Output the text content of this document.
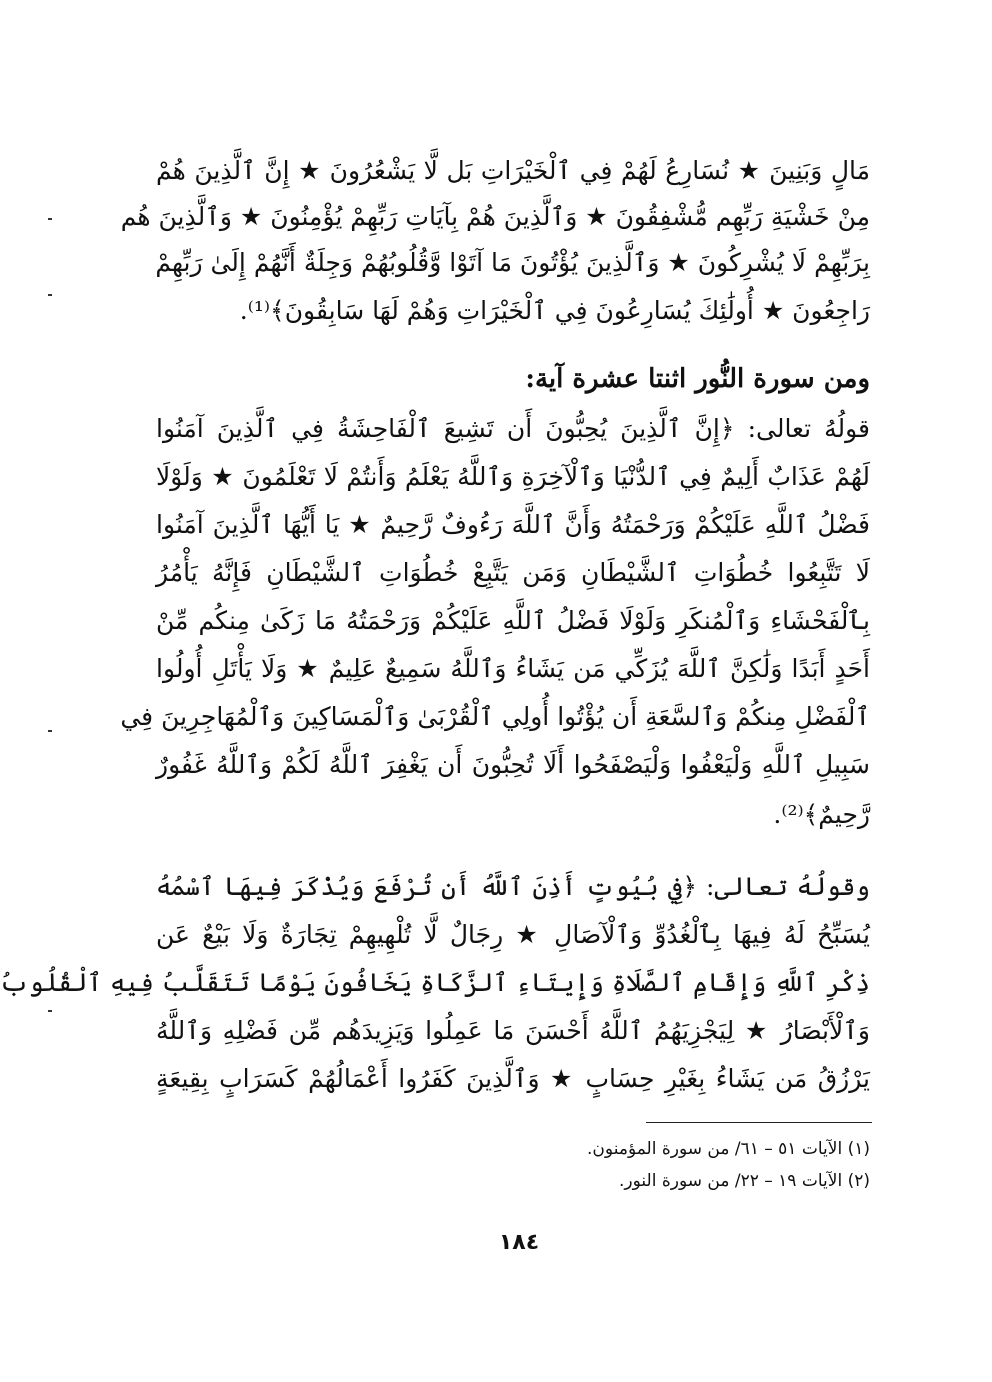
مَالٍ وَبَنِينَ ★ نُسَارِعُ لَهُمْ فِي ٱلْخَيْرَاتِ بَل لَّا يَشْعُرُونَ ★ إِنَّ ٱلَّذِينَ هُمْ
مِنْ خَشْيَةِ رَبِّهِم مُّشْفِقُونَ ★ وَٱلَّذِينَ هُمْ بِآيَاتِ رَبِّهِمْ يُؤْمِنُونَ ★ وَٱلَّذِينَ هُم
بِرَبِّهِمْ لَا يُشْرِكُونَ ★ وَٱلَّذِينَ يُؤْتُونَ مَا آتَوْا وَّقُلُوبُهُمْ وَجِلَةٌ أَنَّهُمْ إِلَىٰ رَبِّهِمْ
رَاجِعُونَ ★ أُولَٰئِكَ يُسَارِعُونَ فِي ٱلْخَيْرَاتِ وَهُمْ لَهَا سَابِقُونَ﴾⁽¹⁾.
ومن سورة النُّور اثنتا عشرة آية:
قولُهُ تعالى: ﴿إِنَّ ٱلَّذِينَ يُحِبُّونَ أَن تَشِيعَ ٱلْفَاحِشَةُ فِي ٱلَّذِينَ آمَنُوا
لَهُمْ عَذَابٌ أَلِيمٌ فِي ٱلدُّنْيَا وَٱلْآخِرَةِ وَٱللَّهُ يَعْلَمُ وَأَنتُمْ لَا تَعْلَمُونَ ★ وَلَوْلَا
فَضْلُ ٱللَّهِ عَلَيْكُمْ وَرَحْمَتُهُ وَأَنَّ ٱللَّهَ رَءُوفٌ رَّحِيمٌ ★ يَا أَيُّهَا ٱلَّذِينَ آمَنُوا
لَا تَتَّبِعُوا خُطُوَاتِ ٱلشَّيْطَانِ وَمَن يَتَّبِعْ خُطُوَاتِ ٱلشَّيْطَانِ فَإِنَّهُ يَأْمُرُ
بِٱلْفَحْشَاءِ وَٱلْمُنكَرِ وَلَوْلَا فَضْلُ ٱللَّهِ عَلَيْكُمْ وَرَحْمَتُهُ مَا زَكَىٰ مِنكُم مِّنْ
أَحَدٍ أَبَدًا وَلَٰكِنَّ ٱللَّهَ يُزَكِّي مَن يَشَاءُ وَٱللَّهُ سَمِيعٌ عَلِيمٌ ★ وَلَا يَأْتَلِ أُولُوا
ٱلْفَضْلِ مِنكُمْ وَٱلسَّعَةِ أَن يُؤْتُوا أُولِي ٱلْقُرْبَىٰ وَٱلْمَسَاكِينَ وَٱلْمُهَاجِرِينَ فِي
سَبِيلِ ٱللَّهِ وَلْيَعْفُوا وَلْيَصْفَحُوا أَلَا تُحِبُّونَ أَن يَغْفِرَ ٱللَّهُ لَكُمْ وَٱللَّهُ غَفُورٌ
رَّحِيمٌ﴾⁽²⁾.
وقولُهُ تعالى: ﴿فِي بُيُوتٍ أَذِنَ ٱللَّهُ أَن تُرْفَعَ وَيُذْكَرَ فِيهَا ٱسْمُهُ
يُسَبِّحُ لَهُ فِيهَا بِٱلْغُدُوِّ وَٱلْآصَالِ ★ رِجَالٌ لَّا تُلْهِيهِمْ تِجَارَةٌ وَلَا بَيْعٌ عَن
ذِكْرِ ٱللَّهِ وَإِقَامِ ٱلصَّلَاةِ وَإِيتَاءِ ٱلزَّكَاةِ يَخَافُونَ يَوْمًا تَتَقَلَّبُ فِيهِ ٱلْقُلُوبُ
وَٱلْأَبْصَارُ ★ لِيَجْزِيَهُمُ ٱللَّهُ أَحْسَنَ مَا عَمِلُوا وَيَزِيدَهُم مِّن فَضْلِهِ وَٱللَّهُ
يَرْزُقُ مَن يَشَاءُ بِغَيْرِ حِسَابٍ ★ وَٱلَّذِينَ كَفَرُوا أَعْمَالُهُمْ كَسَرَابٍ بِقِيعَةٍ
(١) الآيات ٥١ – ٦١/ من سورة المؤمنون.
(٢) الآيات ١٩ – ٢٢/ من سورة النور.
١٨٤
